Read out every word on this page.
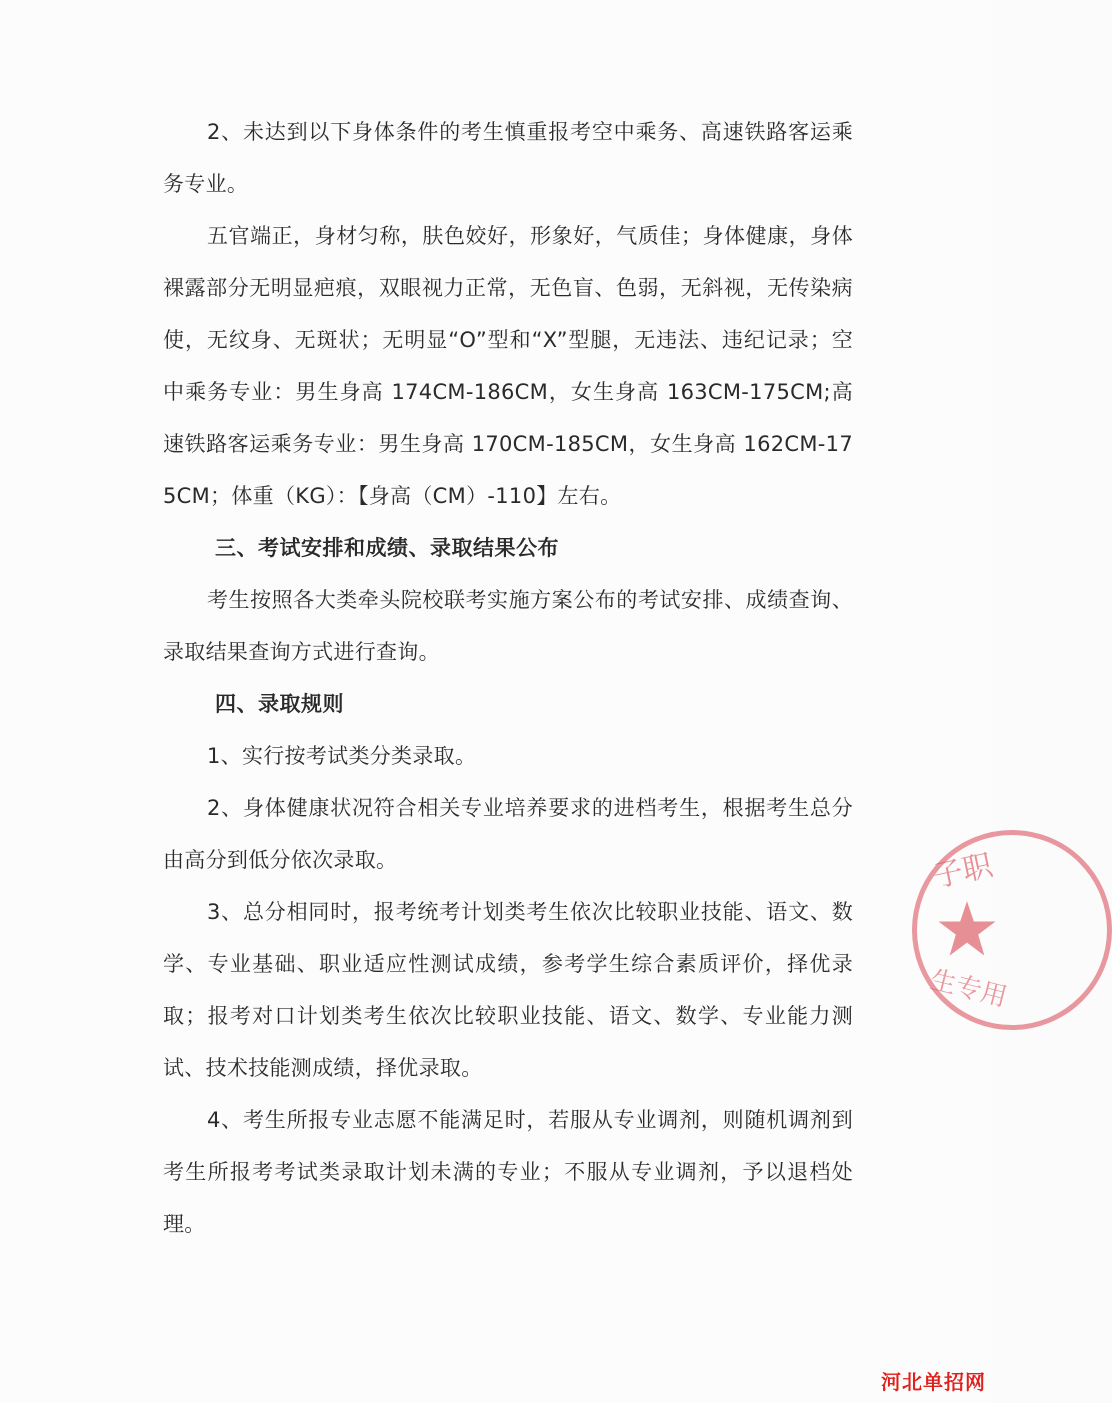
2、未达到以下身体条件的考生慎重报考空中乘务、高速铁路客运乘务专业。

五官端正，身材匀称，肤色姣好，形象好，气质佳；身体健康，身体裸露部分无明显疤痕，双眼视力正常，无色盲、色弱，无斜视，无传染病使，无纹身、无斑状；无明显“O”型和“X”型腿，无违法、违纪记录；空中乘务专业：男生身高 174CM-186CM，女生身高 163CM-175CM;高速铁路客运乘务专业：男生身高 170CM-185CM，女生身高 162CM-175CM；体重（KG）：【身高（CM）-110】左右。

三、考试安排和成绩、录取结果公布

考生按照各大类牵头院校联考实施方案公布的考试安排、成绩查询、录取结果查询方式进行查询。

四、录取规则

1、实行按考试类分类录取。

2、身体健康状况符合相关专业培养要求的进档考生，根据考生总分由高分到低分依次录取。

3、总分相同时，报考统考计划类考生依次比较职业技能、语文、数学、专业基础、职业适应性测试成绩，参考学生综合素质评价，择优录取；报考对口计划类考生依次比较职业技能、语文、数学、专业能力测试、技术技能测成绩，择优录取。

4、考生所报专业志愿不能满足时，若服从专业调剂，则随机调剂到考生所报考考试类录取计划未满的专业；不服从专业调剂，予以退档处理。

子职
生专用
河北单招网
